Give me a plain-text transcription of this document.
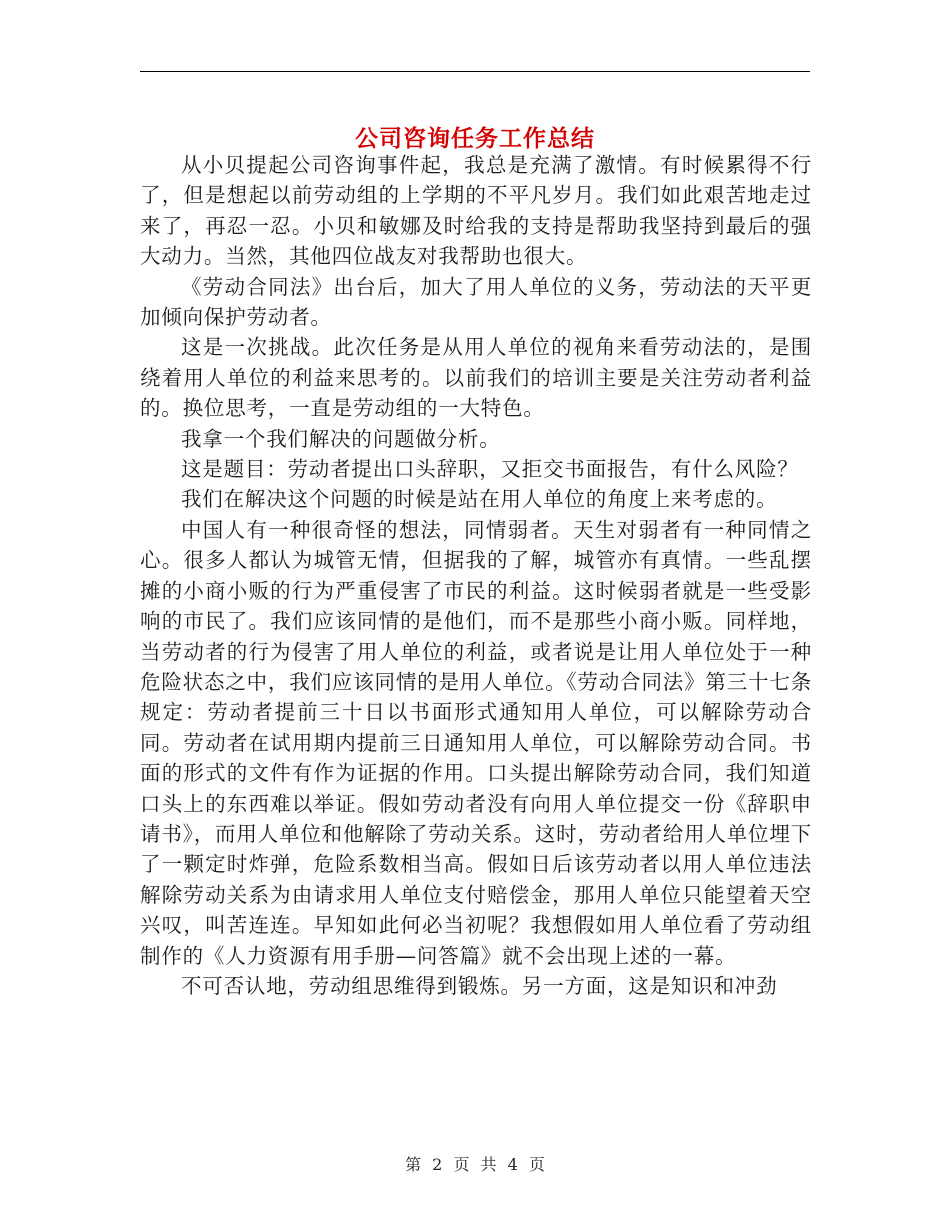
公司咨询任务工作总结

从小贝提起公司咨询事件起，我总是充满了激情。有时候累得不行了，但是想起以前劳动组的上学期的不平凡岁月。我们如此艰苦地走过来了，再忍一忍。小贝和敏娜及时给我的支持是帮助我坚持到最后的强大动力。当然，其他四位战友对我帮助也很大。

《劳动合同法》出台后，加大了用人单位的义务，劳动法的天平更加倾向保护劳动者。

这是一次挑战。此次任务是从用人单位的视角来看劳动法的，是围绕着用人单位的利益来思考的。以前我们的培训主要是关注劳动者利益的。换位思考，一直是劳动组的一大特色。

我拿一个我们解决的问题做分析。

这是题目：劳动者提出口头辞职，又拒交书面报告，有什么风险？

我们在解决这个问题的时候是站在用人单位的角度上来考虑的。

中国人有一种很奇怪的想法，同情弱者。天生对弱者有一种同情之心。很多人都认为城管无情，但据我的了解，城管亦有真情。一些乱摆摊的小商小贩的行为严重侵害了市民的利益。这时候弱者就是一些受影响的市民了。我们应该同情的是他们，而不是那些小商小贩。同样地，当劳动者的行为侵害了用人单位的利益，或者说是让用人单位处于一种危险状态之中，我们应该同情的是用人单位。《劳动合同法》第三十七条规定：劳动者提前三十日以书面形式通知用人单位，可以解除劳动合同。劳动者在试用期内提前三日通知用人单位，可以解除劳动合同。书面的形式的文件有作为证据的作用。口头提出解除劳动合同，我们知道口头上的东西难以举证。假如劳动者没有向用人单位提交一份《辞职申请书》，而用人单位和他解除了劳动关系。这时，劳动者给用人单位埋下了一颗定时炸弹，危险系数相当高。假如日后该劳动者以用人单位违法解除劳动关系为由请求用人单位支付赔偿金，那用人单位只能望着天空兴叹，叫苦连连。早知如此何必当初呢？我想假如用人单位看了劳动组制作的《人力资源有用手册—问答篇》就不会出现上述的一幕。

不可否认地，劳动组思维得到锻炼。另一方面，这是知识和冲劲

第 2 页 共 4 页
